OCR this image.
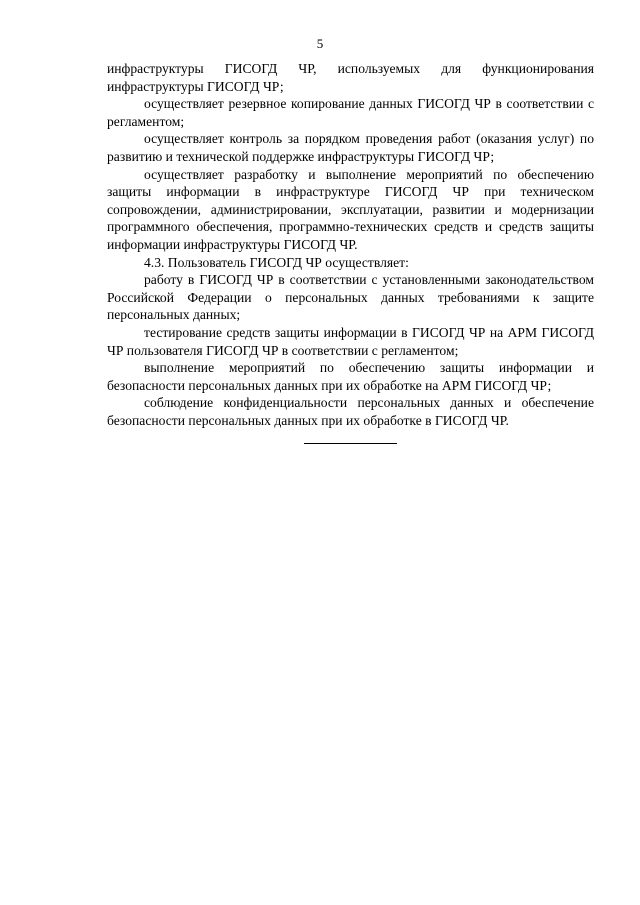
5

инфраструктуры ГИСОГД ЧР, используемых для функционирования инфраструктуры ГИСОГД ЧР;

осуществляет резервное копирование данных ГИСОГД ЧР в соответствии с регламентом;

осуществляет контроль за порядком проведения работ (оказания услуг) по развитию и технической поддержке инфраструктуры ГИСОГД ЧР;

осуществляет разработку и выполнение мероприятий по обеспечению защиты информации в инфраструктуре ГИСОГД ЧР при техническом сопровождении, администрировании, эксплуатации, развитии и модернизации программного обеспечения, программно-технических средств и средств защиты информации инфраструктуры ГИСОГД ЧР.

4.3. Пользователь ГИСОГД ЧР осуществляет:

работу в ГИСОГД ЧР в соответствии с установленными законодательством Российской Федерации о персональных данных требованиями к защите персональных данных;

тестирование средств защиты информации в ГИСОГД ЧР на АРМ ГИСОГД ЧР пользователя ГИСОГД ЧР в соответствии с регламентом;

выполнение мероприятий по обеспечению защиты информации и безопасности персональных данных при их обработке на АРМ ГИСОГД ЧР;

соблюдение конфиденциальности персональных данных и обеспечение безопасности персональных данных при их обработке в ГИСОГД ЧР.
